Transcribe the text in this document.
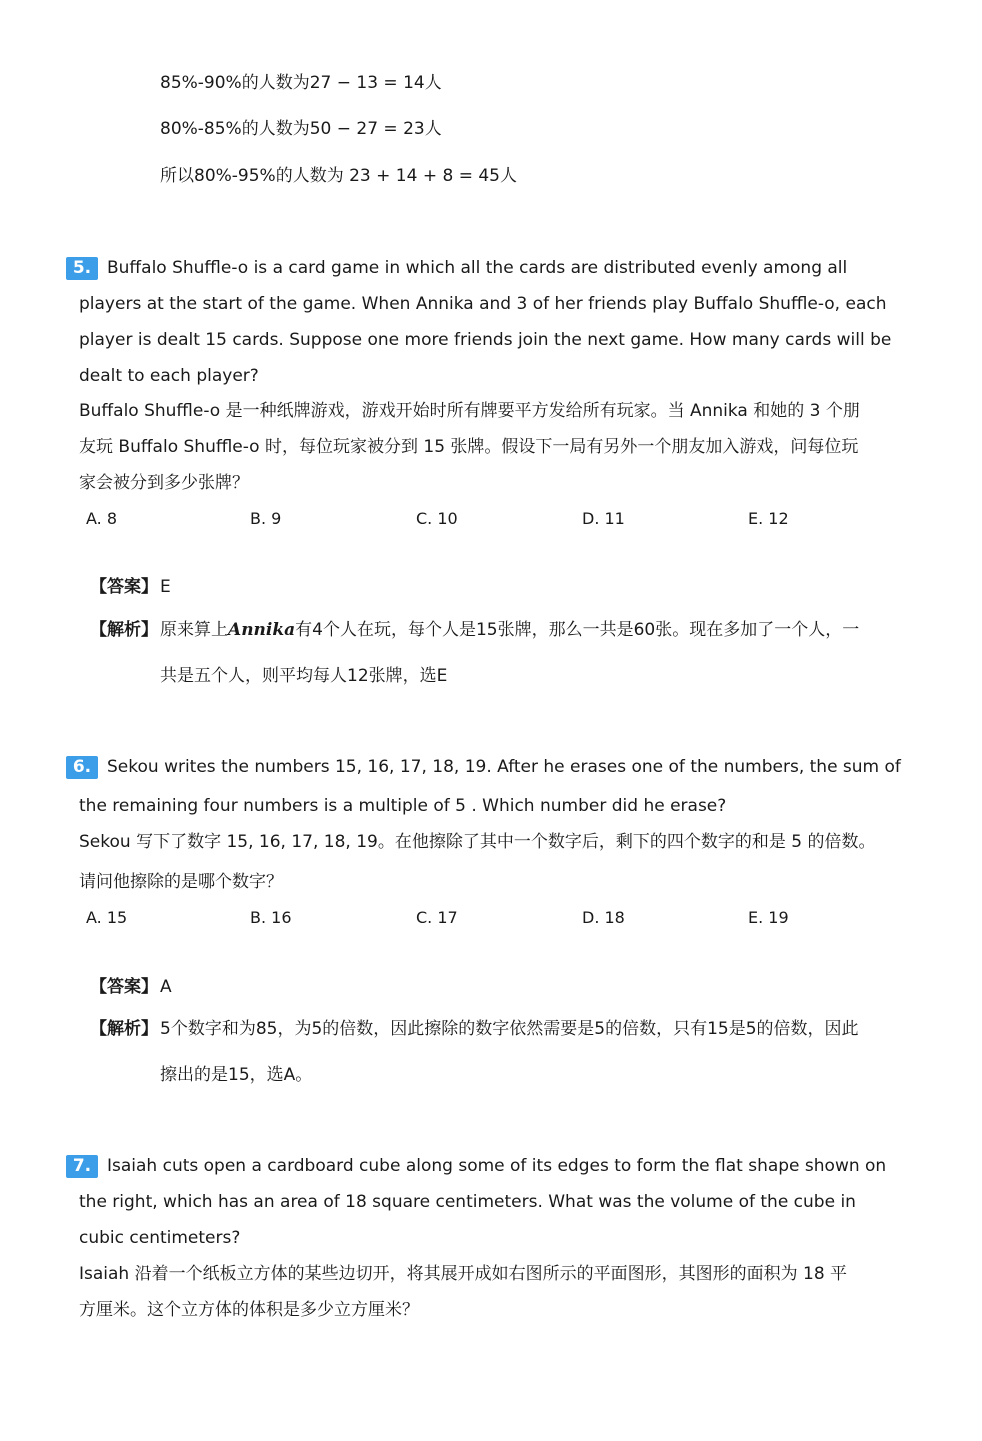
85%-90%的人数为27 − 13 = 14人
80%-85%的人数为50 − 27 = 23人
所以80%-95%的人数为 23 + 14 + 8 = 45人
5. Buffalo Shuffle-o is a card game in which all the cards are distributed evenly among all
players at the start of the game. When Annika and 3 of her friends play Buffalo Shuffle-o, each
player is dealt 15 cards. Suppose one more friends join the next game. How many cards will be
dealt to each player?
Buffalo Shuffle-o 是一种纸牌游戏，游戏开始时所有牌要平方发给所有玩家。当 Annika 和她的 3 个朋
友玩 Buffalo Shuffle-o 时，每位玩家被分到 15 张牌。假设下一局有另外一个朋友加入游戏，问每位玩
家会被分到多少张牌？
A. 8	B. 9	C. 10	D. 11	E. 12
【答案】 E
【解析】 原来算上Annika有4个人在玩，每个人是15张牌，那么一共是60张。现在多加了一个人，一
共是五个人，则平均每人12张牌，选E
6. Sekou writes the numbers 15, 16, 17, 18, 19. After he erases one of the numbers, the sum of
the remaining four numbers is a multiple of 5 . Which number did he erase?
Sekou 写下了数字 15, 16, 17, 18, 19。在他擦除了其中一个数字后，剩下的四个数字的和是 5 的倍数。
请问他擦除的是哪个数字？
A. 15	B. 16	C. 17	D. 18	E. 19
【答案】 A
【解析】 5个数字和为85，为5的倍数，因此擦除的数字依然需要是5的倍数，只有15是5的倍数，因此
擦出的是15，选A。
7. Isaiah cuts open a cardboard cube along some of its edges to form the flat shape shown on
the right, which has an area of 18 square centimeters. What was the volume of the cube in
cubic centimeters?
Isaiah 沿着一个纸板立方体的某些边切开，将其展开成如右图所示的平面图形，其图形的面积为 18 平
方厘米。这个立方体的体积是多少立方厘米？
